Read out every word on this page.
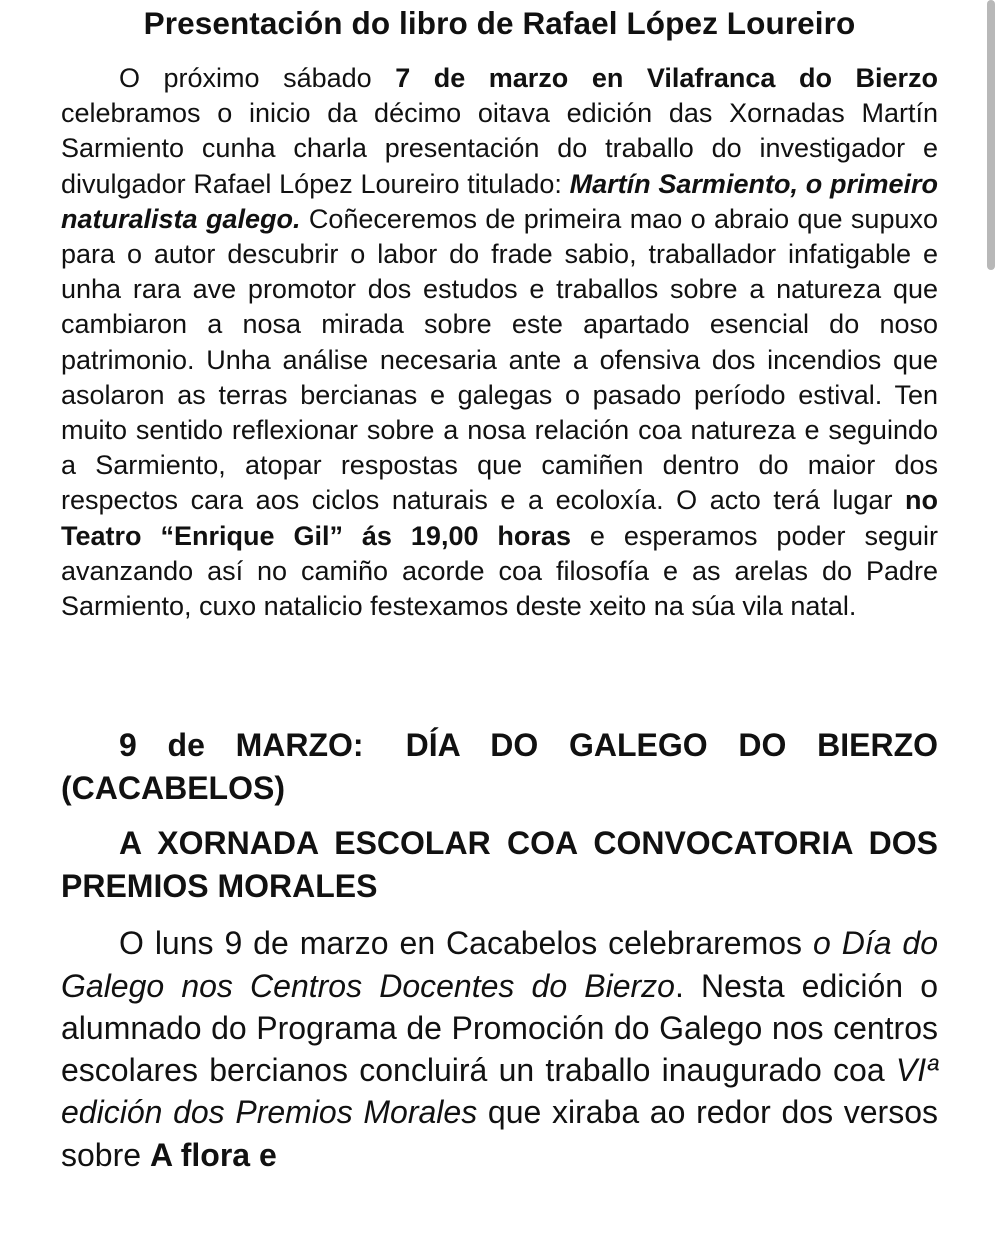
Presentación do libro de Rafael López Loureiro

O próximo sábado 7 de marzo en Vilafranca do Bierzo celebramos o inicio da décimo oitava edición das Xornadas Martín Sarmiento cunha charla presentación do traballo do investigador e divulgador Rafael López Loureiro titulado: Martín Sarmiento, o primeiro naturalista galego. Coñeceremos de primeira mao o abraio que supuxo para o autor descubrir o labor do frade sabio, traballador infatigable e unha rara ave promotor dos estudos e traballos sobre a natureza que cambiaron a nosa mirada sobre este apartado esencial do noso patrimonio. Unha análise necesaria ante a ofensiva dos incendios que asolaron as terras bercianas e galegas o pasado período estival. Ten muito sentido reflexionar sobre a nosa relación coa natureza e seguindo a Sarmiento, atopar respostas que camiñen dentro do maior dos respectos cara aos ciclos naturais e a ecoloxía. O acto terá lugar no Teatro “Enrique Gil” ás 19,00 horas e esperamos poder seguir avanzando así no camiño acorde coa filosofía e as arelas do Padre Sarmiento, cuxo natalicio festexamos deste xeito na súa vila natal.

9 de MARZO: DÍA DO GALEGO DO BIERZO (CACABELOS)

A XORNADA ESCOLAR COA CONVOCATORIA DOS PREMIOS MORALES

O luns 9 de marzo en Cacabelos celebraremos o Día do Galego nos Centros Docentes do Bierzo. Nesta edición o alumnado do Programa de Promoción do Galego nos centros escolares bercianos concluirá un traballo inaugurado coa VIª edición dos Premios Morales que xiraba ao redor dos versos sobre A flora e
